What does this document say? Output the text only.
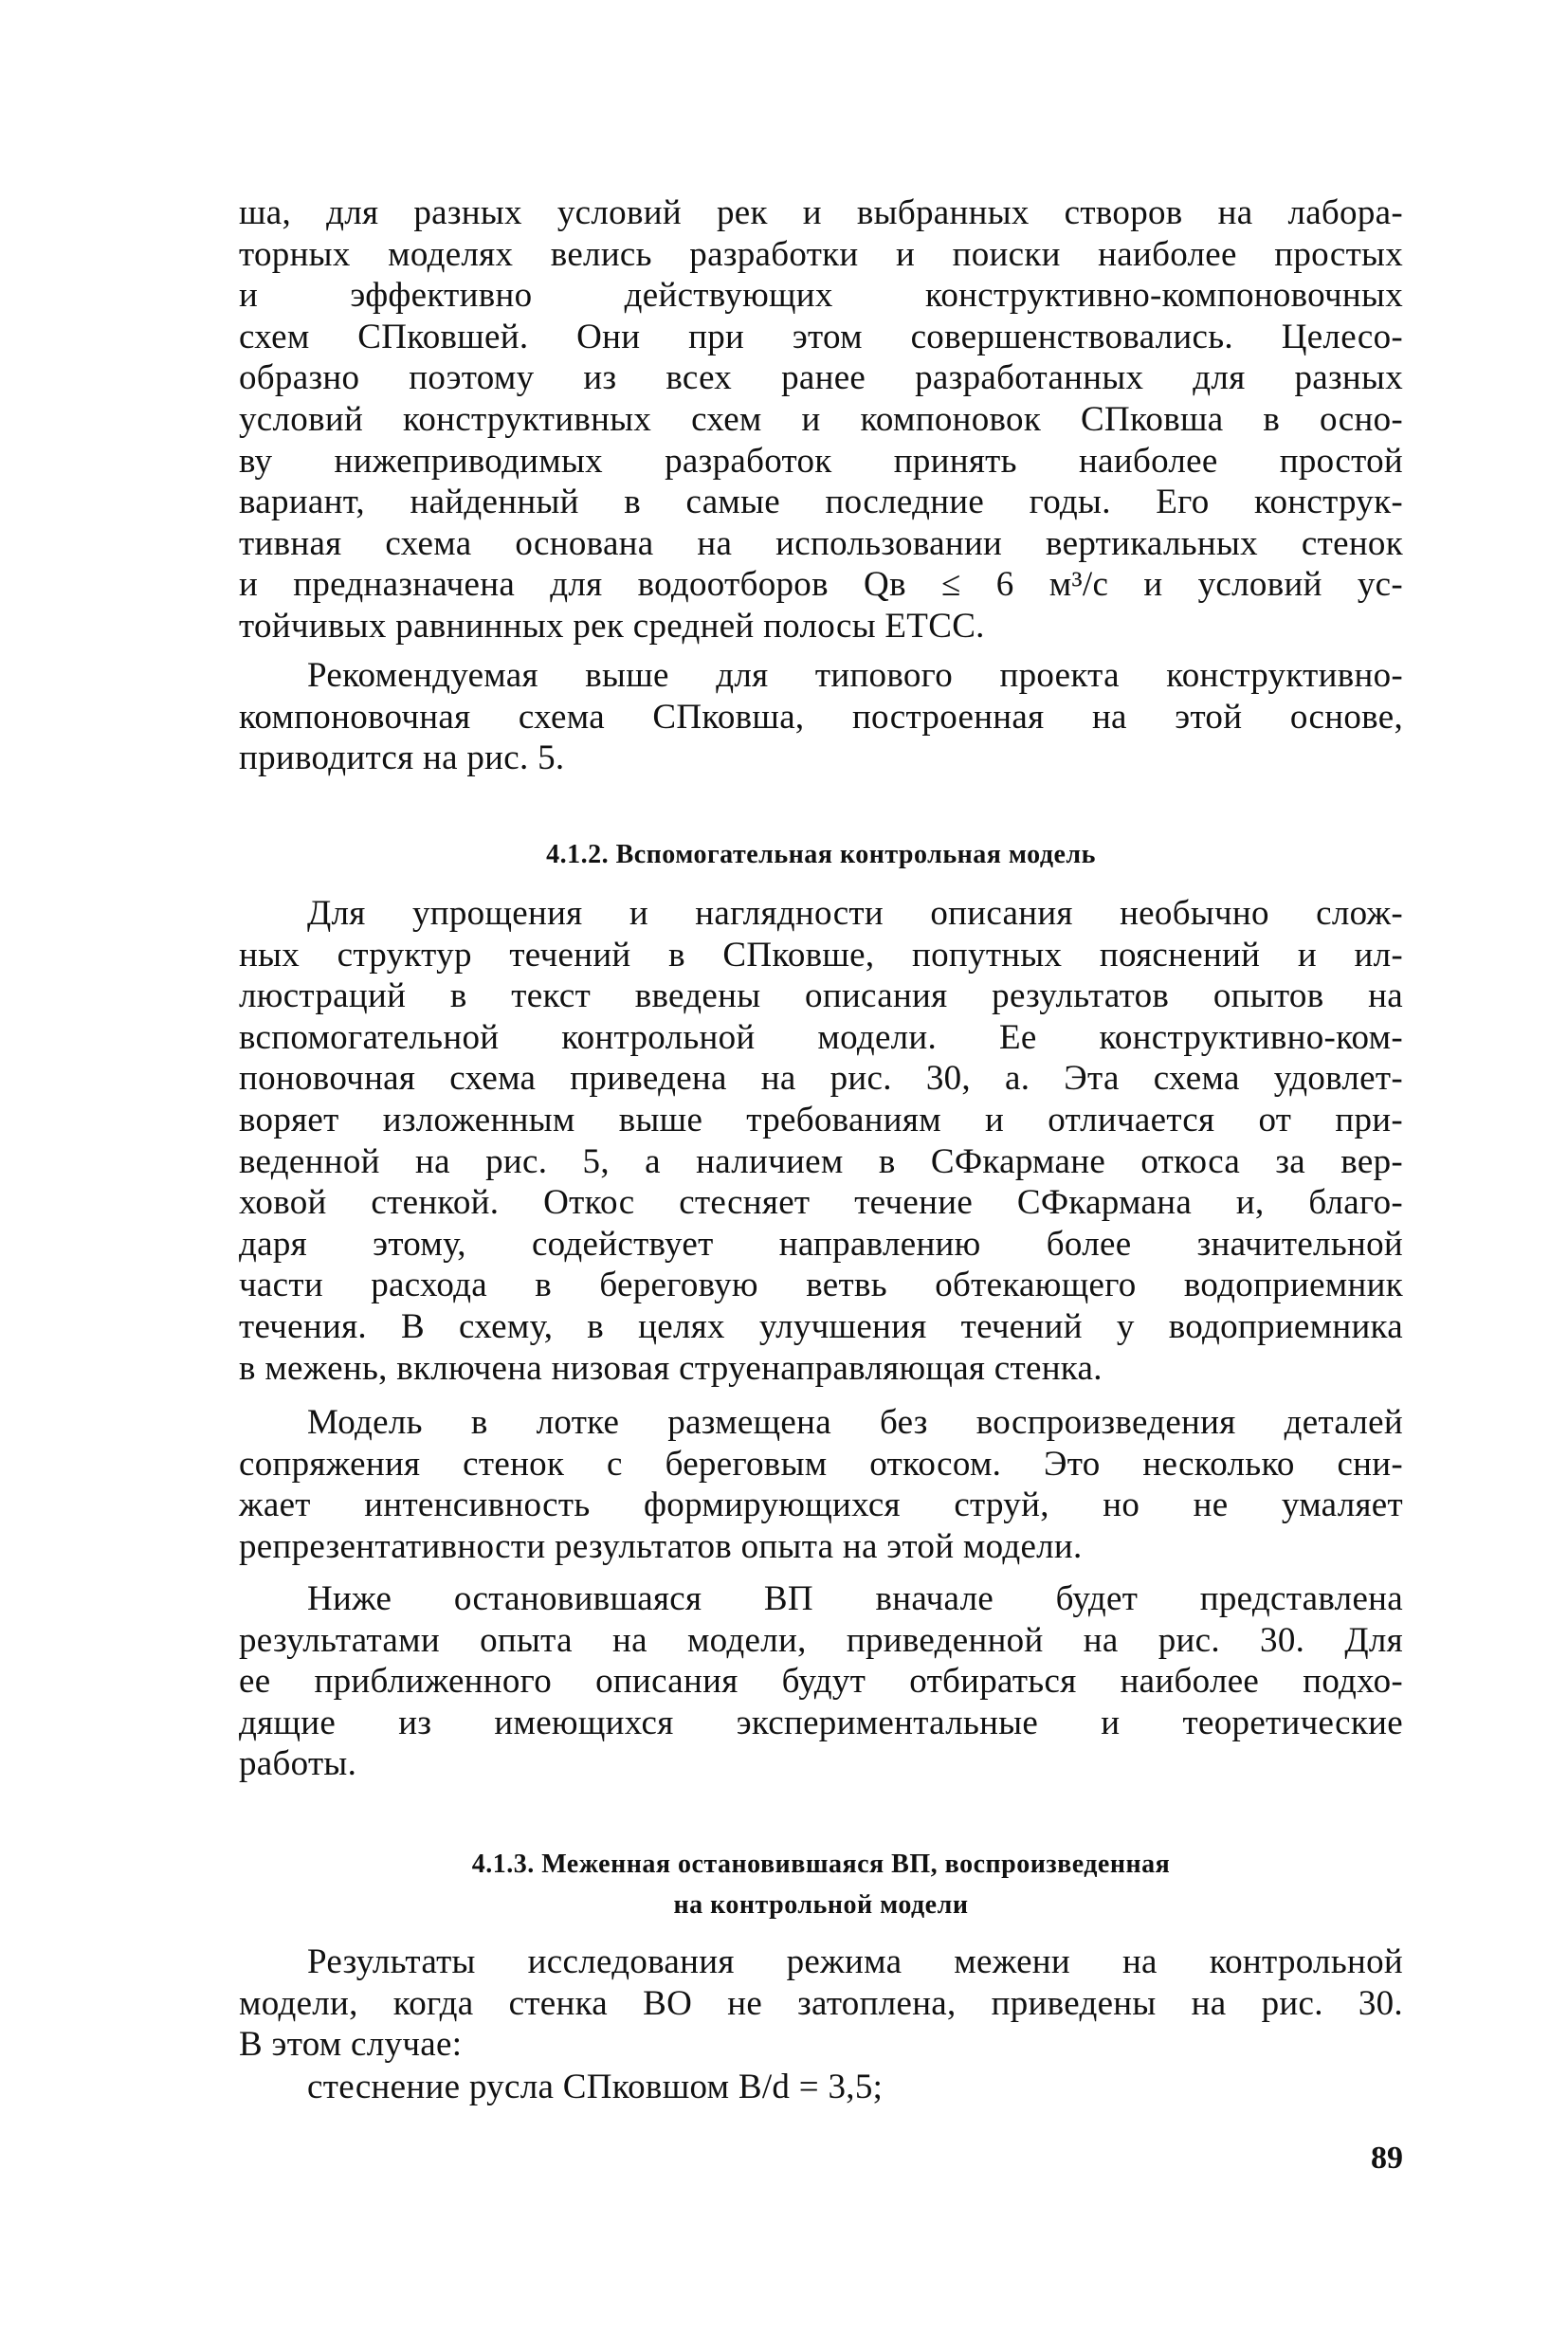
ша, для разных условий рек и выбранных створов на лабора-
торных моделях велись разработки и поиски наиболее простых
и эффективно действующих конструктивно-компоновочных
схем СПковшей. Они при этом совершенствовались. Целесо-
образно поэтому из всех ранее разработанных для разных
условий конструктивных схем и компоновок СПковша в осно-
ву нижеприводимых разработок принять наиболее простой
вариант, найденный в самые последние годы. Его конструк-
тивная схема основана на использовании вертикальных стенок
и предназначена для водоотборов Qв ≤ 6 м³/с и условий ус-
тойчивых равнинных рек средней полосы ЕТСС.
Рекомендуемая выше для типового проекта конструктивно-
компоновочная схема СПковша, построенная на этой основе,
приводится на рис. 5.
Для упрощения и наглядности описания необычно слож-
ных структур течений в СПковше, попутных пояснений и ил-
люстраций в текст введены описания результатов опытов на
вспомогательной контрольной модели. Ее конструктивно-ком-
поновочная схема приведена на рис. 30, а. Эта схема удовлет-
воряет изложенным выше требованиям и отличается от при-
веденной на рис. 5, а наличием в СФкармане откоса за вер-
ховой стенкой. Откос стесняет течение СФкармана и, благо-
даря этому, содействует направлению более значительной
части расхода в береговую ветвь обтекающего водоприемник
течения. В схему, в целях улучшения течений у водоприемника
в межень, включена низовая струенаправляющая стенка.
Модель в лотке размещена без воспроизведения деталей
сопряжения стенок с береговым откосом. Это несколько сни-
жает интенсивность формирующихся струй, но не умаляет
репрезентативности результатов опыта на этой модели.
Ниже остановившаяся ВП вначале будет представлена
результатами опыта на модели, приведенной на рис. 30. Для
ее приближенного описания будут отбираться наиболее подхо-
дящие из имеющихся экспериментальные и теоретические
работы.
Результаты исследования режима межени на контрольной
модели, когда стенка ВО не затоплена, приведены на рис. 30.
В этом случае:
стеснение русла СПковшом B/d = 3,5;
4.1.2. Вспомогательная контрольная модель
4.1.3. Меженная остановившаяся ВП, воспроизведенная
на контрольной модели
89
